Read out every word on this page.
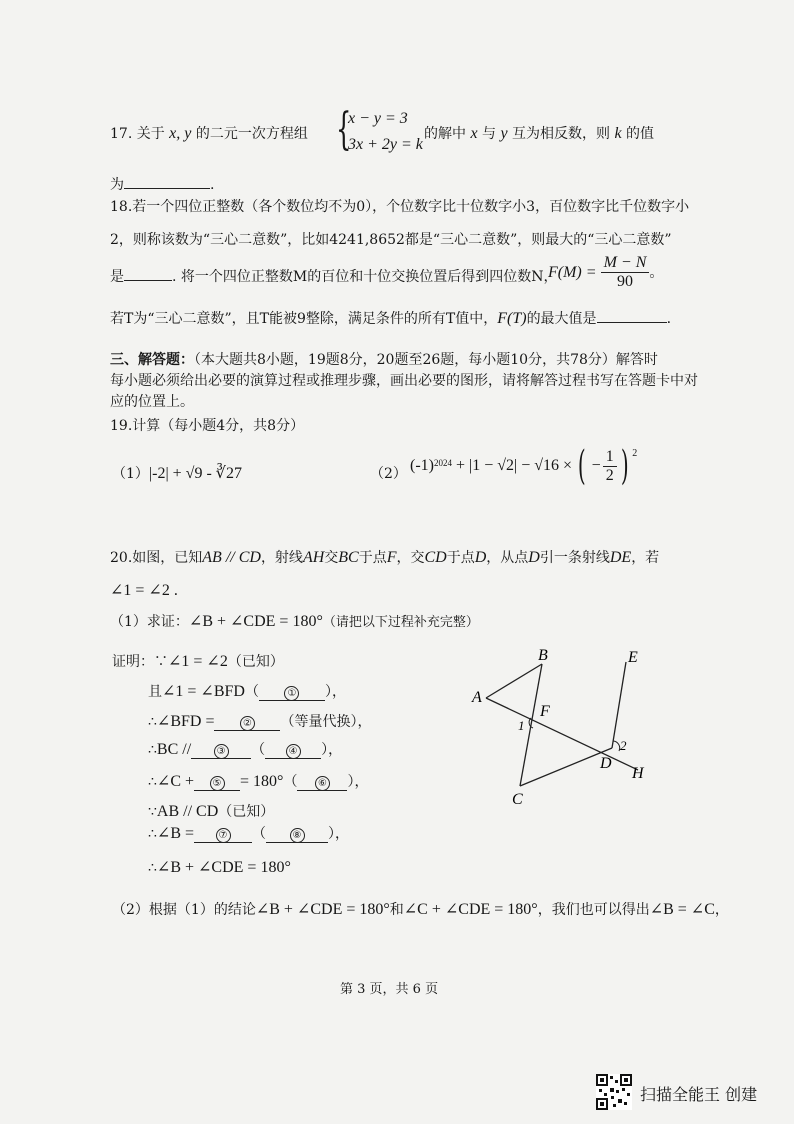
17. 关于 x, y 的二元一次方程组 {
x − y = 3
3x + 2y = k
的解中 x 与 y 互为相反数，则 k 的值
为	.
18.若一个四位正整数（各个数位均不为0），个位数字比十位数字小3，百位数字比千位数字小
2，则称该数为“三心二意数”，比如4241,8652都是“三心二意数”，则最大的“三心二意数”
是	. 将一个四位正整数M的百位和十位交换位置后得到四位数N，
$F(M) = \frac{M - N}{90}$ 。
若T为“三心二意数”，且T能被9整除，满足条件的所有T值中，F(T)的最大值是	.
三、解答题：（本大题共8小题，19题8分，20题至26题，每小题10分，共78分）解答时
每小题必须给出必要的演算过程或推理步骤，画出必要的图形，请将解答过程书写在答题卡中对
应的位置上。
19.计算（每小题4分，共8分）
（1）|-2| + √9 - ∛27	（2） (-1) 2024 + |1 − √2| − √16 × ( − $\frac{1}{2}$ ) 2
20.如图，已知AB // CD，射线AH交BC于点F，交CD于点D，从点D引一条射线DE，若
∠1 = ∠2 .
（1）求证：∠B + ∠CDE = 180°（请把以下过程补充完整）
证明：∵∠1 = ∠2（已知）
且∠1 = ∠BFD（	① ），
∴∠BFD =	② （等量代换），
∴BC //	③ （ ④ ），
∴∠C + ⑤ = 180°（ ⑥ ），
∵AB // CD（已知）
∴∠B = ⑦ （	⑧ ），
∴∠B + ∠CDE = 180°
A
B
C
D
E
F
H
1
2
（2）根据（1）的结论∠B + ∠CDE = 180°和∠C + ∠CDE = 180°，我们也可以得出∠B = ∠C，
第 3 页，共 6 页
扫描全能王 创建
